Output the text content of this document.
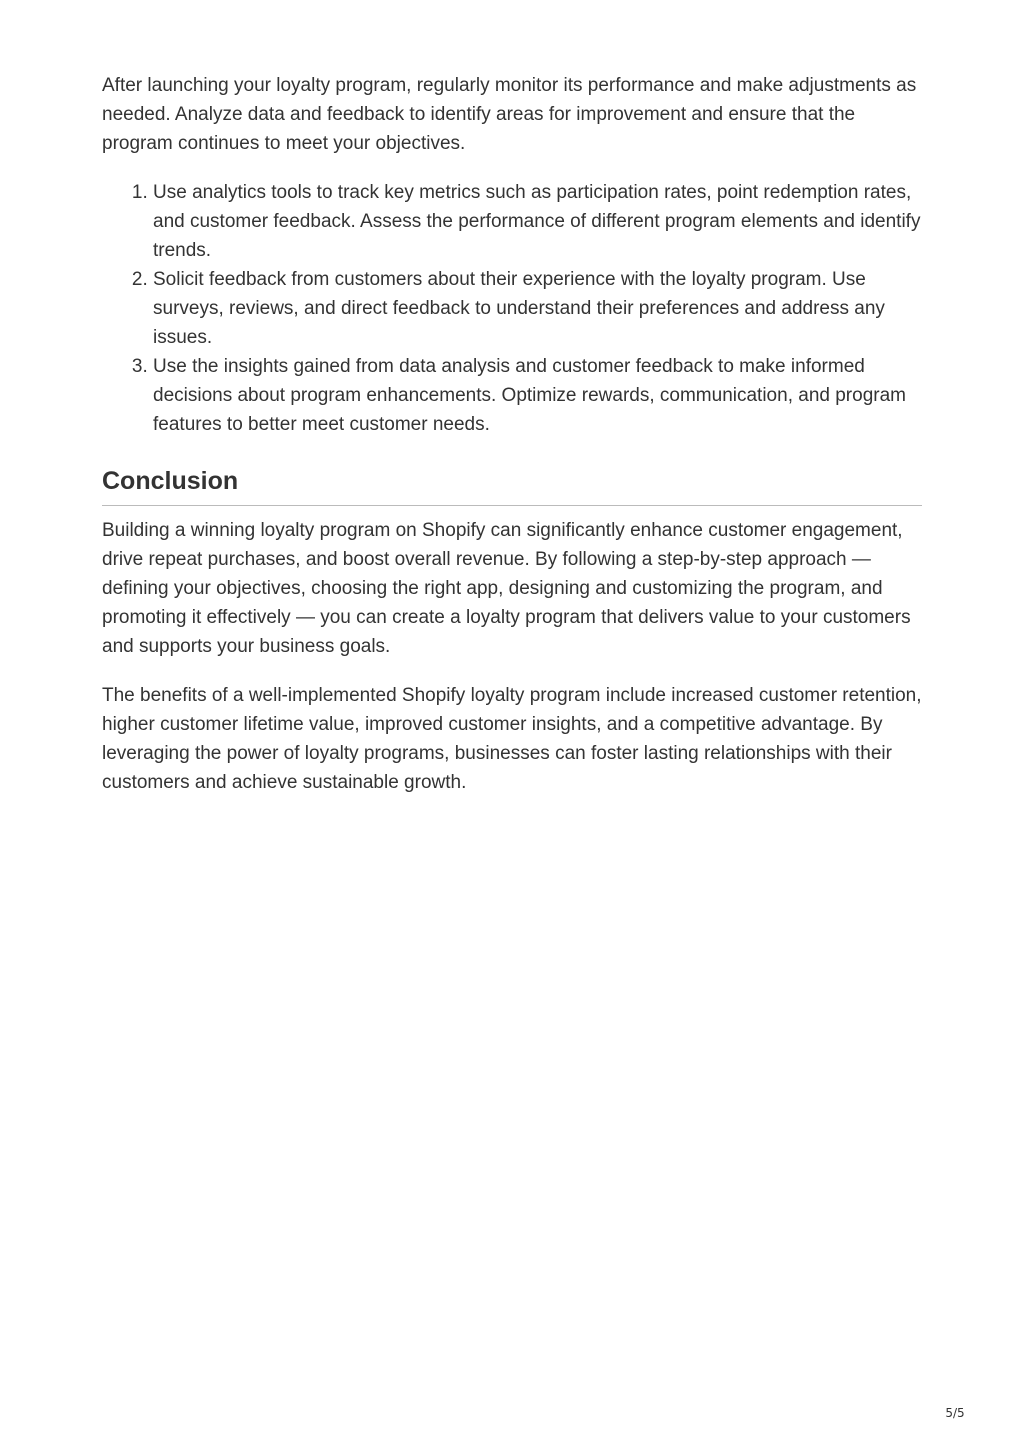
After launching your loyalty program, regularly monitor its performance and make adjustments as needed. Analyze data and feedback to identify areas for improvement and ensure that the program continues to meet your objectives.

1. Use analytics tools to track key metrics such as participation rates, point redemption rates, and customer feedback. Assess the performance of different program elements and identify trends.
2. Solicit feedback from customers about their experience with the loyalty program. Use surveys, reviews, and direct feedback to understand their preferences and address any issues.
3. Use the insights gained from data analysis and customer feedback to make informed decisions about program enhancements. Optimize rewards, communication, and program features to better meet customer needs.
Conclusion

Building a winning loyalty program on Shopify can significantly enhance customer engagement, drive repeat purchases, and boost overall revenue. By following a step-by-step approach — defining your objectives, choosing the right app, designing and customizing the program, and promoting it effectively — you can create a loyalty program that delivers value to your customers and supports your business goals.

The benefits of a well-implemented Shopify loyalty program include increased customer retention, higher customer lifetime value, improved customer insights, and a competitive advantage. By leveraging the power of loyalty programs, businesses can foster lasting relationships with their customers and achieve sustainable growth.

5/5
